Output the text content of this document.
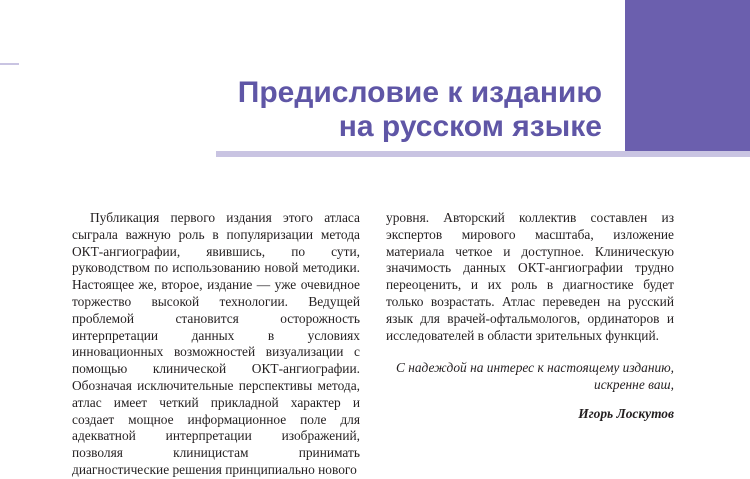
Предисловие к изданию
на русском языке

Публикация первого издания этого атласа сыграла важную роль в популяризации метода ОКТ-ангиографии, явившись, по сути, руководством по использованию новой методики. Настоящее же, второе, издание — уже очевидное торжество высокой технологии. Ведущей проблемой становится осторожность интерпретации данных в условиях инновационных возможностей визуализации с помощью клинической ОКТ-ангиографии. Обозначая исключительные перспективы метода, атлас имеет четкий прикладной характер и создает мощное информационное поле для адекватной интерпретации изображений, позволяя клиницистам принимать диагностические решения принципиально нового

уровня. Авторский коллектив составлен из экспертов мирового масштаба, изложение материала четкое и доступное. Клиническую значимость данных ОКТ-ангиографии трудно переоценить, и их роль в диагностике будет только возрастать. Атлас переведен на русский язык для врачей-офтальмологов, ординаторов и исследователей в области зрительных функций.

С надеждой на интерес к настоящему изданию,

искренне ваш,

Игорь Лоскутов
